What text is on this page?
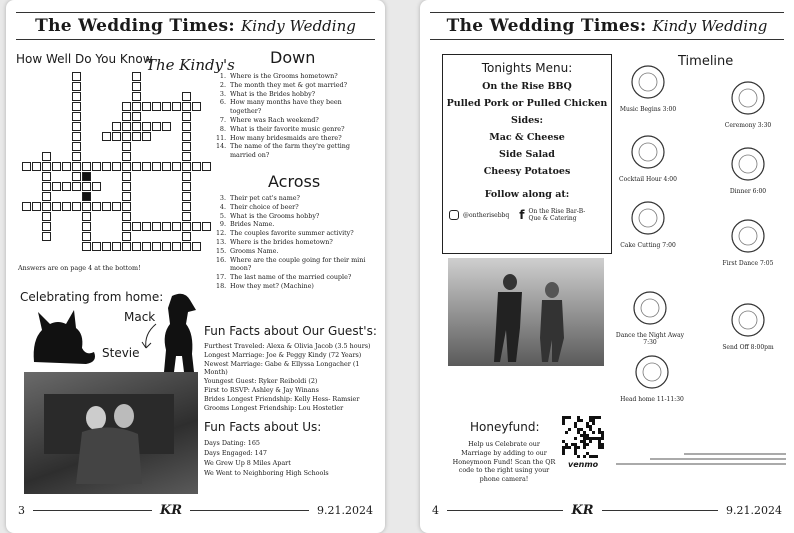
The Wedding Times: Kindy Wedding
How Well Do You Know
The Kindy's
Answers are on page 4 at the bottom!
Down
1. Where is the Grooms hometown?
2. The month they met & got married?
3. What is the Brides hobby?
6. How many months have they been together?
7. Where was Rach weekend?
8. What is their favorite music genre?
11. How many bridesmaids are there?
14. The name of the farm they're getting married on?
Across
3. Their pet cat's name?
4. Their choice of beer?
5. What is the Grooms hobby?
9. Brides Name.
12. The couples favorite summer activity?
13. Where is the brides hometown?
15. Grooms Name.
16. Where are the couple going for their mini moon?
17. The last name of the married couple?
18. How they met? (Machine)
Celebrating from home:
Mack
Stevie
Fun Facts about Our Guest's:
Furthest Traveled: Alexa & Olivia Jacob (3.5 hours)
Longest Marriage: Joe & Peggy Kindy (72 Years)
Newest Marriage: Gabe & Ellyssa Longacher (1 Month)
Youngest Guest: Ryker Reiboldi (2)
First to RSVP: Ashley & Jay Winans
Brides Longest Friendship: Kelly Hess- Ramsier
Grooms Longest Friendship: Lou Hostetler
Fun Facts about Us:
Days Dating: 165
Days Engaged: 147
We Grew Up 8 Miles Apart
We Went to Neighboring High Schools
3	KR	9.21.2024
The Wedding Times: Kindy Wedding
Tonights Menu:
On the Rise BBQ
Pulled Pork or Pulled Chicken
Sides:
Mac & Cheese
Side Salad
Cheesy Potatoes
Follow along at:
@ontherisebbq f On the Rise Bar-B-Que & Catering
Timeline
Music Begins 3:00
Ceremony 3:30
Cocktail Hour 4:00
Dinner 6:00
Cake Cutting 7:00
First Dance 7:05
Dance the Night Away 7:30
Send Off 8:00pm
Head home 11-11:30
Honeyfund:
Help us Celebrate our Marriage by adding to our Honeymoon Fund! Scan the QR code to the right using your phone camera!
venmo
4	KR	9.21.2024
